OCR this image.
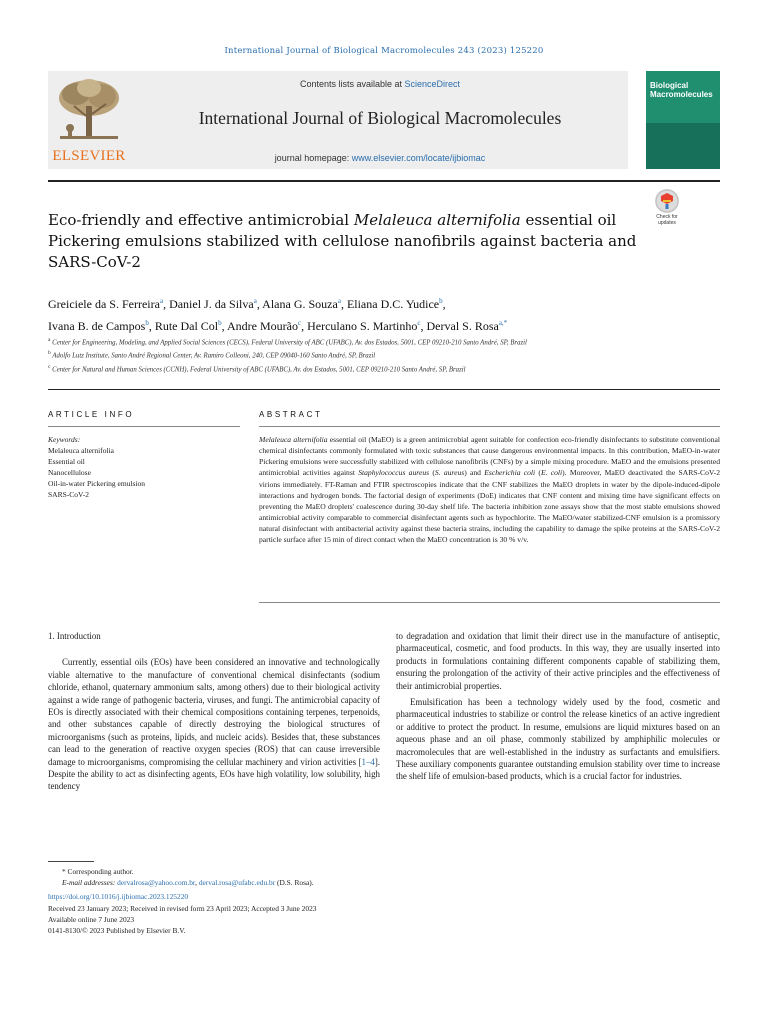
International Journal of Biological Macromolecules 243 (2023) 125220
ELSEVIER
Contents lists available at ScienceDirect
International Journal of Biological Macromolecules
journal homepage: www.elsevier.com/locate/ijbiomac
Biological
Macromolecules
Check for
updates
Eco-friendly and effective antimicrobial Melaleuca alternifolia essential oil Pickering emulsions stabilized with cellulose nanofibrils against bacteria and SARS-CoV-2
Greiciele da S. Ferreira$^a$, Daniel J. da Silva$^a$, Alana G. Souza$^a$, Eliana D.C. Yudice$^b$,
Ivana B. de Campos$^b$, Rute Dal Col$^b$, Andre Mourão$^c$, Herculano S. Martinho$^c$, Derval S. Rosa$^{a,*}$
$^a$ Center for Engineering, Modeling, and Applied Social Sciences (CECS), Federal University of ABC (UFABC), Av. dos Estados, 5001, CEP 09210-210 Santo André, SP, Brazil
$^b$ Adolfo Lutz Institute, Santo André Regional Center, Av. Ramiro Colleoni, 240, CEP 09040-160 Santo André, SP, Brazil
$^c$ Center for Natural and Human Sciences (CCNH), Federal University of ABC (UFABC), Av. dos Estados, 5001, CEP 09210-210 Santo André, SP, Brazil
ARTICLE INFO	ABSTRACT
Keywords:
Melaleuca alternifolia
Essential oil
Nanocellulose
Oil-in-water Pickering emulsion
SARS-CoV-2
Melaleuca alternifolia essential oil (MaEO) is a green antimicrobial agent suitable for confection eco-friendly disinfectants to substitute conventional chemical disinfectants commonly formulated with toxic substances that cause dangerous environmental impacts. In this contribution, MaEO-in-water Pickering emulsions were successfully stabilized with cellulose nanofibrils (CNFs) by a simple mixing procedure. MaEO and the emulsions presented antimicrobial activities against Staphylococcus aureus (S. aureus) and Escherichia coli (E. coli). Moreover, MaEO deactivated the SARS-CoV-2 virions immediately. FT-Raman and FTIR spectroscopies indicate that the CNF stabilizes the MaEO droplets in water by the dipole-induced-dipole interactions and hydrogen bonds. The factorial design of experiments (DoE) indicates that CNF content and mixing time have significant effects on preventing the MaEO droplets' coalescence during 30-day shelf life. The bacteria inhibition zone assays show that the most stable emulsions showed antimicrobial activity comparable to commercial disinfectant agents such as hypochlorite. The MaEO/water stabilized-CNF emulsion is a promissory natural disinfectant with antibacterial activity against these bacteria strains, including the capability to damage the spike proteins at the SARS-CoV-2 particle surface after 15 min of direct contact when the MaEO concentration is 30 % v/v.
1. Introduction

Currently, essential oils (EOs) have been considered an innovative and technologically viable alternative to the manufacture of conventional chemical disinfectants (sodium chloride, ethanol, quaternary ammonium salts, among others) due to their biological activity against a wide range of pathogenic bacteria, viruses, and fungi. The antimicrobial capacity of EOs is directly associated with their chemical compositions containing terpenes, terpenoids, and other substances capable of directly destroying the biological structures of microorganisms (such as proteins, lipids, and nucleic acids). Besides that, these substances can lead to the generation of reactive oxygen species (ROS) that can cause irreversible damage to microorganisms, compromising the cellular machinery and virion activities [1–4]. Despite the ability to act as disinfecting agents, EOs have high volatility, low solubility, high tendency

to degradation and oxidation that limit their direct use in the manufacture of antiseptic, pharmaceutical, cosmetic, and food products. In this way, they are usually inserted into products in formulations containing different components capable of stabilizing them, ensuring the prolongation of the activity of their active principles and the effectiveness of their antimicrobial properties.

Emulsification has been a technology widely used by the food, cosmetic and pharmaceutical industries to stabilize or control the release kinetics of an active ingredient or additive to protect the product. In resume, emulsions are liquid mixtures based on an aqueous phase and an oil phase, commonly stabilized by amphiphilic molecules or macromolecules that are well-established in the industry as surfactants and emulsifiers. These auxiliary components guarantee outstanding emulsion stability over time to increase the shelf life of emulsion-based products, which is a crucial factor for industries.

* Corresponding author.
E-mail addresses: dervalrosa@yahoo.com.br, derval.rosa@ufabc.edu.br (D.S. Rosa).
https://doi.org/10.1016/j.ijbiomac.2023.125220
Received 23 January 2023; Received in revised form 23 April 2023; Accepted 3 June 2023
Available online 7 June 2023
0141-8130/© 2023 Published by Elsevier B.V.
